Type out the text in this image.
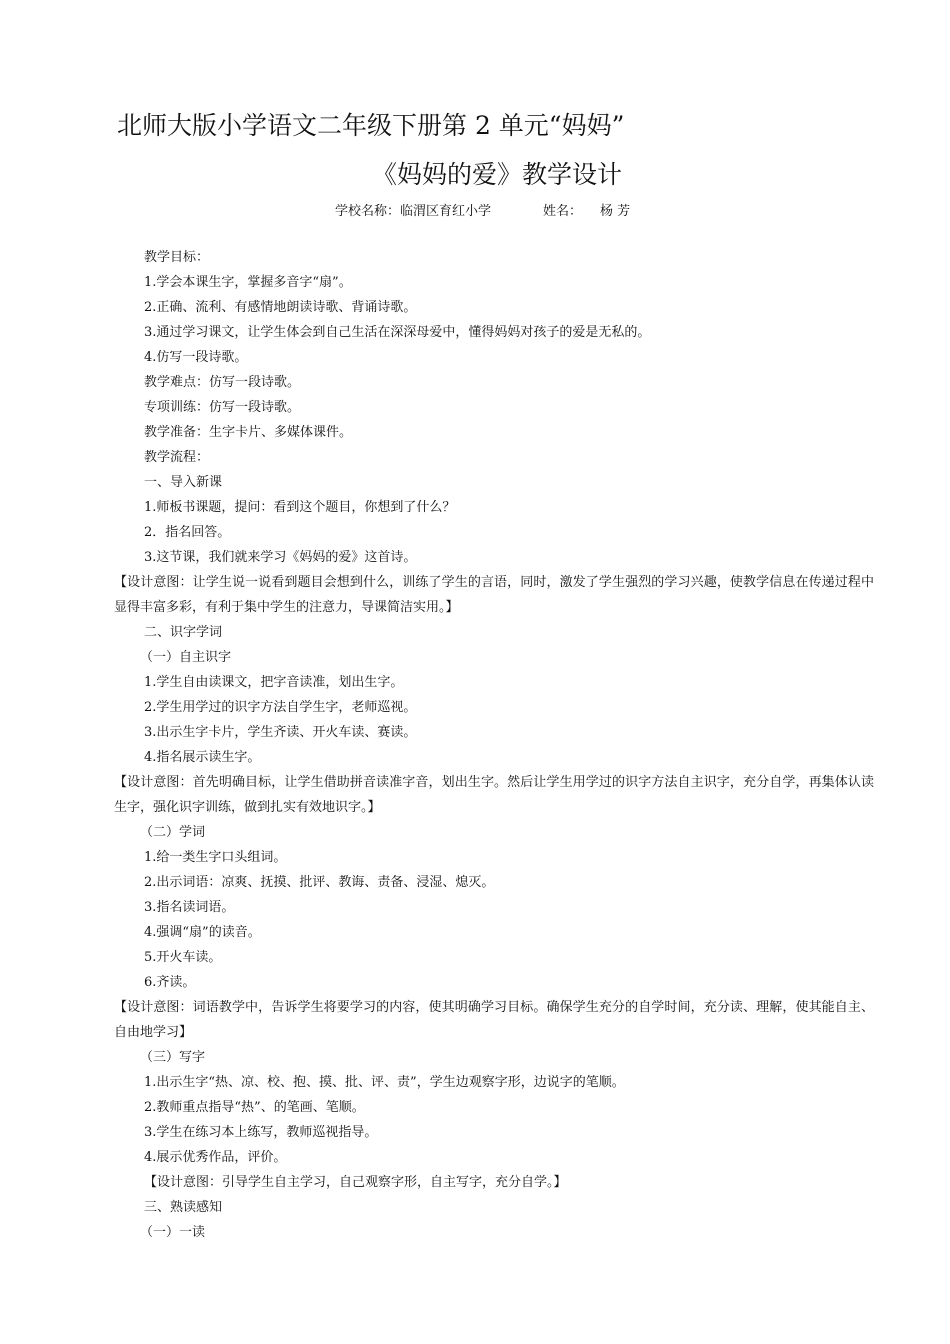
北师大版小学语文二年级下册第 2 单元“妈妈”
《妈妈的爱》教学设计
学校名称：临渭区育红小学	姓名： 杨 芳
教学目标：
1.学会本课生字，掌握多音字“扇”。
2.正确、流利、有感情地朗读诗歌、背诵诗歌。
3.通过学习课文，让学生体会到自己生活在深深母爱中，懂得妈妈对孩子的爱是无私的。
4.仿写一段诗歌。
教学难点：仿写一段诗歌。
专项训练：仿写一段诗歌。
教学准备：生字卡片、多媒体课件。
教学流程：
一、导入新课
1.师板书课题，提问：看到这个题目，你想到了什么？
2．指名回答。
3.这节课，我们就来学习《妈妈的爱》这首诗。
【设计意图：让学生说一说看到题目会想到什么，训练了学生的言语，同时，激发了学生强烈的学习兴趣，使教学信息在传递过程中显得丰富多彩，有利于集中学生的注意力，导课简洁实用。】
二、识字学词
（一）自主识字
1.学生自由读课文，把字音读准，划出生字。
2.学生用学过的识字方法自学生字，老师巡视。
3.出示生字卡片，学生齐读、开火车读、赛读。
4.指名展示读生字。
【设计意图：首先明确目标，让学生借助拼音读准字音，划出生字。然后让学生用学过的识字方法自主识字，充分自学，再集体认读生字，强化识字训练，做到扎实有效地识字。】
（二）学词
1.给一类生字口头组词。
2.出示词语：凉爽、抚摸、批评、教诲、责备、浸湿、熄灭。
3.指名读词语。
4.强调“扇”的读音。
5.开火车读。
6.齐读。
【设计意图：词语教学中，告诉学生将要学习的内容，使其明确学习目标。确保学生充分的自学时间，充分读、理解，使其能自主、自由地学习】
（三）写字
1.出示生字“热、凉、校、抱、摸、批、评、责”，学生边观察字形，边说字的笔顺。
2.教师重点指导“热”、的笔画、笔顺。
3.学生在练习本上练写，教师巡视指导。
4.展示优秀作品，评价。
【设计意图：引导学生自主学习，自己观察字形，自主写字，充分自学。】
三、熟读感知
（一）一读
